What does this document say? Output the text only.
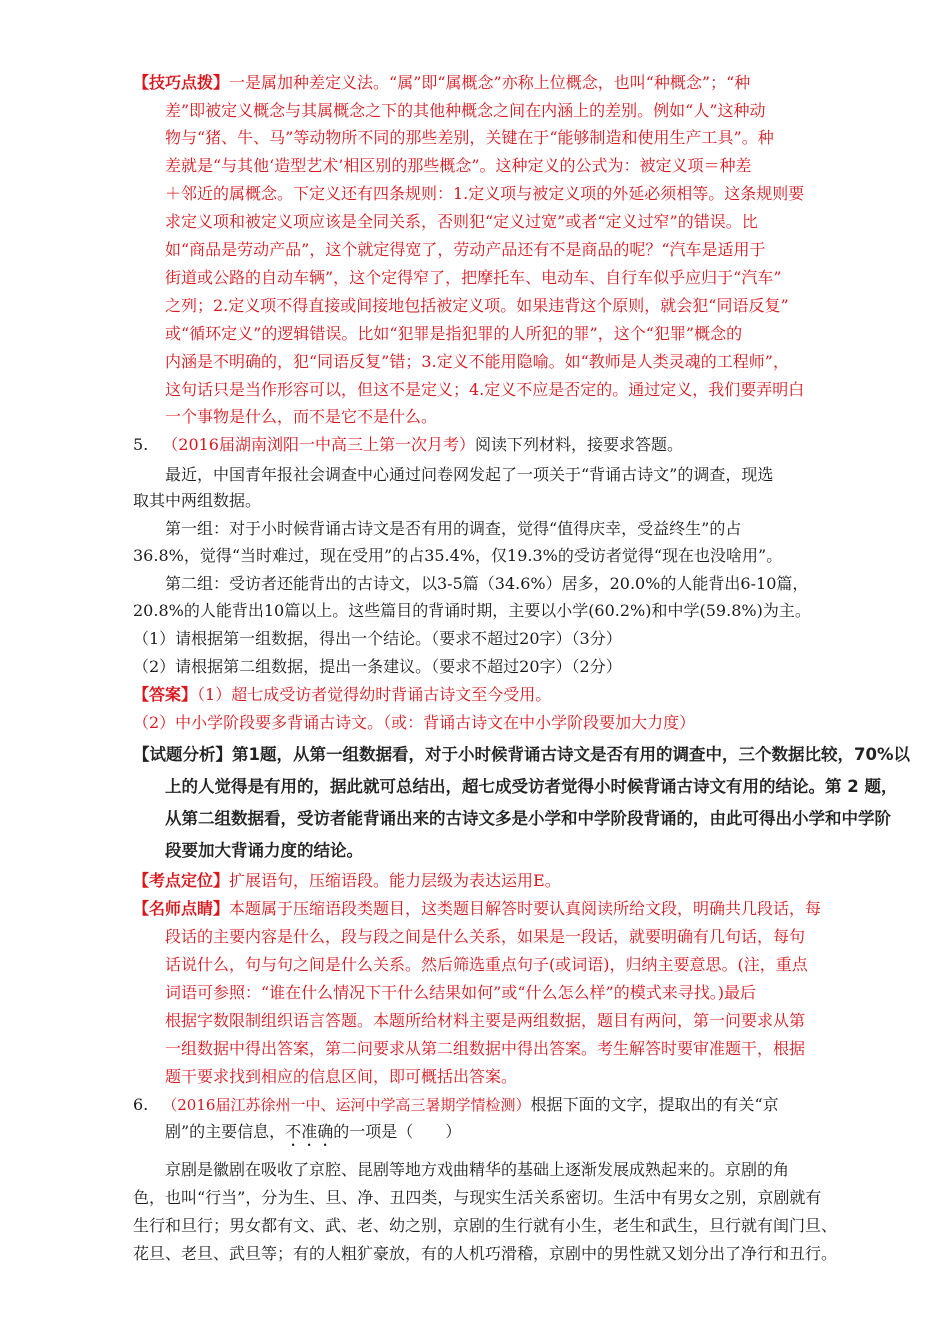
【技巧点拨】一是属加种差定义法。“属”即“属概念”亦称上位概念，也叫“种概念”；“种
差”即被定义概念与其属概念之下的其他种概念之间在内涵上的差别。例如“人”这种动
物与“猪、牛、马”等动物所不同的那些差别，关键在于“能够制造和使用生产工具”。种
差就是“与其他‘造型艺术’相区别的那些概念”。这种定义的公式为：被定义项＝种差
＋邻近的属概念。下定义还有四条规则：1.定义项与被定义项的外延必须相等。这条规则要
求定义项和被定义项应该是全同关系，否则犯“定义过宽”或者“定义过窄”的错误。比
如“商品是劳动产品”，这个就定得宽了，劳动产品还有不是商品的呢？“汽车是适用于
街道或公路的自动车辆”，这个定得窄了，把摩托车、电动车、自行车似乎应归于“汽车”
之列；2.定义项不得直接或间接地包括被定义项。如果违背这个原则，就会犯“同语反复”
或“循环定义”的逻辑错误。比如“犯罪是指犯罪的人所犯的罪”，这个“犯罪”概念的
内涵是不明确的，犯“同语反复”错；3.定义不能用隐喻。如“教师是人类灵魂的工程师”，
这句话只是当作形容可以，但这不是定义；4.定义不应是否定的。通过定义，我们要弄明白
一个事物是什么，而不是它不是什么。
5. （2016届湖南浏阳一中高三上第一次月考）阅读下列材料，接要求答题。
最近，中国青年报社会调查中心通过问卷网发起了一项关于“背诵古诗文”的调查，现选
取其中两组数据。
第一组：对于小时候背诵古诗文是否有用的调查，觉得“值得庆幸，受益终生”的占
36.8%，觉得“当时难过，现在受用”的占35.4%，仅19.3%的受访者觉得“现在也没啥用”。
第二组：受访者还能背出的古诗文，以3-5篇（34.6%）居多，20.0%的人能背出6-10篇，
20.8%的人能背出10篇以上。这些篇目的背诵时期，主要以小学(60.2%)和中学(59.8%)为主。
（1）请根据第一组数据，得出一个结论。（要求不超过20字）（3分）
（2）请根据第二组数据，提出一条建议。（要求不超过20字）（2分）
【答案】（1）超七成受访者觉得幼时背诵古诗文至今受用。
（2）中小学阶段要多背诵古诗文。（或：背诵古诗文在中小学阶段要加大力度）
【试题分析】第1题，从第一组数据看，对于小时候背诵古诗文是否有用的调查中，三个数据比较，70%以
上的人觉得是有用的，据此就可总结出，超七成受访者觉得小时候背诵古诗文有用的结论。第 2 题，
从第二组数据看，受访者能背诵出来的古诗文多是小学和中学阶段背诵的，由此可得出小学和中学阶
段要加大背诵力度的结论。
【考点定位】扩展语句，压缩语段。能力层级为表达运用E。
【名师点睛】本题属于压缩语段类题目，这类题目解答时要认真阅读所给文段，明确共几段话，每
段话的主要内容是什么，段与段之间是什么关系，如果是一段话，就要明确有几句话，每句
话说什么，句与句之间是什么关系。然后筛选重点句子(或词语)，归纳主要意思。(注，重点
词语可参照：“谁在什么情况下干什么结果如何”或“什么怎么样”的模式来寻找。)最后
根据字数限制组织语言答题。本题所给材料主要是两组数据，题目有两问，第一问要求从第
一组数据中得出答案，第二问要求从第二组数据中得出答案。考生解答时要审准题干，根据
题干要求找到相应的信息区间，即可概括出答案。
6. （2016届江苏徐州一中、运河中学高三暑期学情检测）根据下面的文字，提取出的有关“京
剧”的主要信息，不准确的一项是（　　）
京剧是徽剧在吸收了京腔、昆剧等地方戏曲精华的基础上逐渐发展成熟起来的。京剧的角
色，也叫“行当”，分为生、旦、净、丑四类，与现实生活关系密切。生活中有男女之别，京剧就有
生行和旦行；男女都有文、武、老、幼之别，京剧的生行就有小生，老生和武生，旦行就有闺门旦、
花旦、老旦、武旦等；有的人粗犷豪放，有的人机巧滑稽，京剧中的男性就又划分出了净行和丑行。
